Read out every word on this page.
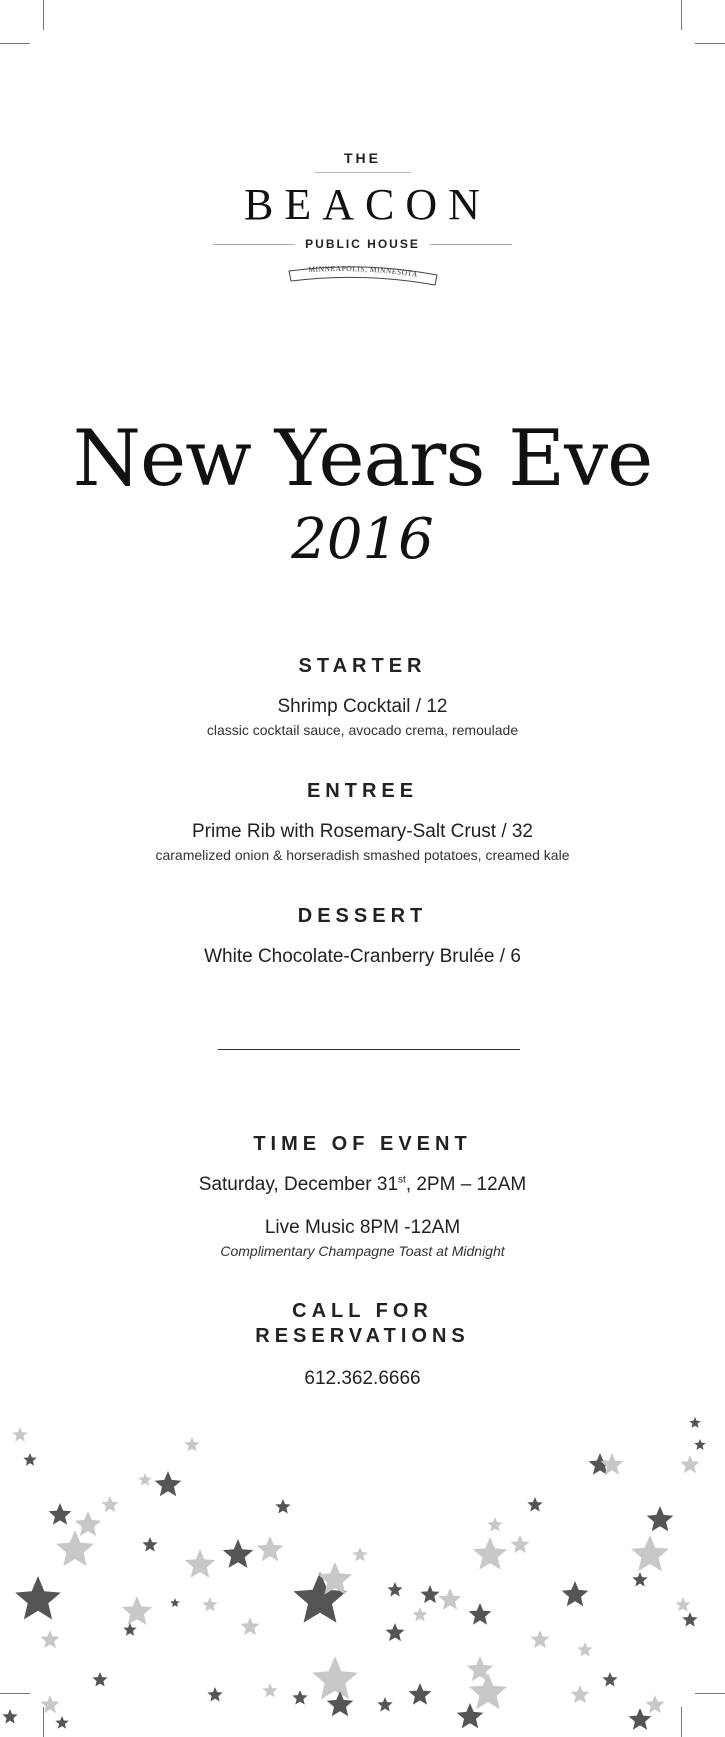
THE
BEACON
PUBLIC HOUSE
MINNEAPOLIS, MINNESOTA
New Years Eve
2016
STARTER
Shrimp Cocktail / 12
classic cocktail sauce, avocado crema, remoulade
ENTREE
Prime Rib with Rosemary-Salt Crust / 32
caramelized onion & horseradish smashed potatoes, creamed kale
DESSERT
White Chocolate-Cranberry Brulée / 6
TIME OF EVENT
Saturday, December 31st, 2PM – 12AM
Live Music 8PM -12AM
Complimentary Champagne Toast at Midnight
CALL FOR
RESERVATIONS
612.362.6666
